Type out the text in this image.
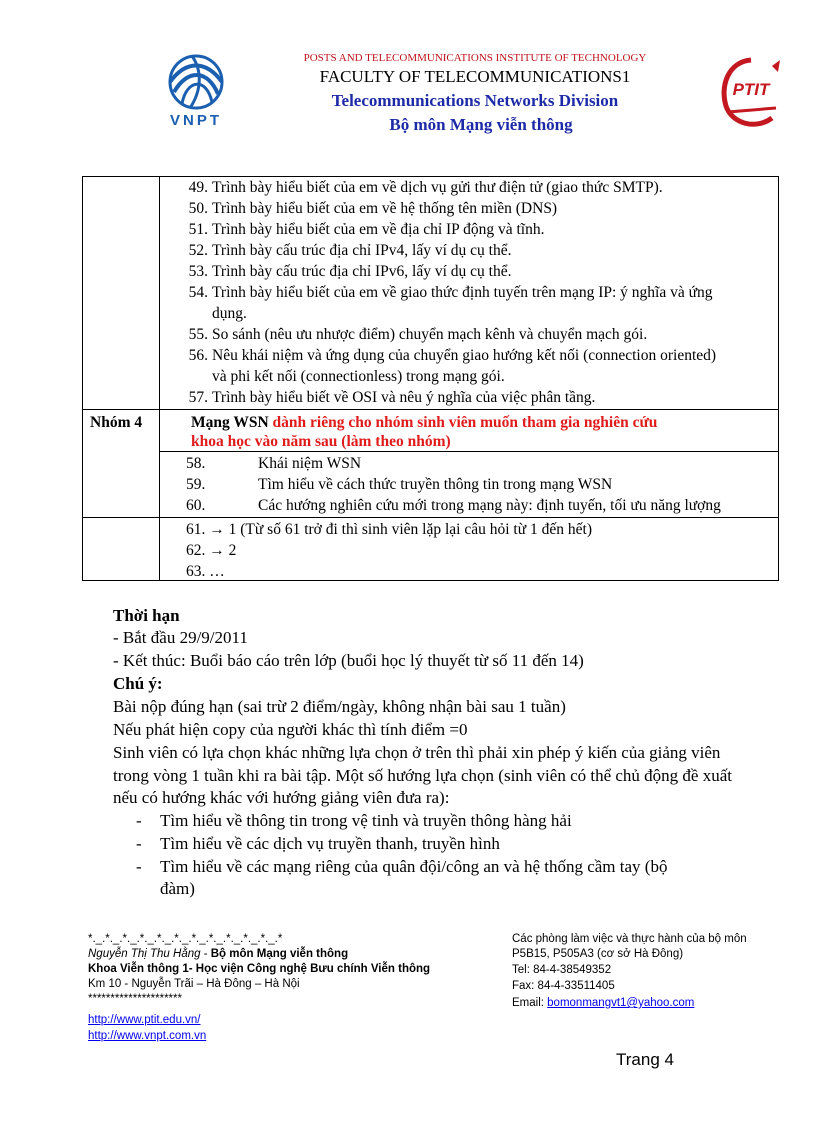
VNPT
POSTS AND TELECOMMUNICATIONS INSTITUTE OF TECHNOLOGY
FACULTY OF TELECOMMUNICATIONS1
Telecommunications Networks Division
Bộ môn Mạng viễn thông
PTIT
49. Trình bày hiểu biết của em về dịch vụ gửi thư điện tử (giao thức SMTP).
50. Trình bày hiểu biết của em về hệ thống tên miền (DNS)
51. Trình bày hiểu biết của em về địa chỉ IP động và tĩnh.
52. Trình bày cấu trúc địa chỉ IPv4, lấy ví dụ cụ thể.
53. Trình bày cấu trúc địa chỉ IPv6, lấy ví dụ cụ thể.
54. Trình bày hiểu biết của em về giao thức định tuyến trên mạng IP: ý nghĩa và ứng
dụng.
55. So sánh (nêu ưu nhược điểm) chuyển mạch kênh và chuyển mạch gói.
56. Nêu khái niệm và ứng dụng của chuyển giao hướng kết nối (connection oriented)
và phi kết nối (connectionless) trong mạng gói.
57. Trình bày hiểu biết về OSI và nêu ý nghĩa của việc phân tầng.
Nhóm 4	Mạng WSN dành riêng cho nhóm sinh viên muốn tham gia nghiên cứu
khoa học vào năm sau (làm theo nhóm)
58.	Khái niệm WSN
59.	Tìm hiểu về cách thức truyền thông tin trong mạng WSN
60.	Các hướng nghiên cứu mới trong mạng này: định tuyến, tối ưu năng lượng
61. → 1 (Từ số 61 trở đi thì sinh viên lặp lại câu hỏi từ 1 đến hết)
62. → 2
63. …
Thời hạn
- Bắt đầu 29/9/2011
- Kết thúc: Buổi báo cáo trên lớp (buổi học lý thuyết từ số 11 đến 14)
Chú ý:
Bài nộp đúng hạn (sai trừ 2 điểm/ngày, không nhận bài sau 1 tuần)
Nếu phát hiện copy của người khác thì tính điểm =0
Sinh viên có lựa chọn khác những lựa chọn ở trên thì phải xin phép ý kiến của giảng viên
trong vòng 1 tuần khi ra bài tập. Một số hướng lựa chọn (sinh viên có thể chủ động đề xuất
nếu có hướng khác với hướng giảng viên đưa ra):
- Tìm hiểu về thông tin trong vệ tinh và truyền thông hàng hải
- Tìm hiểu về các dịch vụ truyền thanh, truyền hình
- Tìm hiểu về các mạng riêng của quân đội/công an và hệ thống cầm tay (bộ
đàm)
*._.*._.*._.*._.*._.*._.*._.*._.*._.*._.*._.*
Nguyễn Thị Thu Hằng - Bộ môn Mạng viễn thông
Khoa Viễn thông 1- Học viện Công nghệ Bưu chính Viễn thông
Km 10 - Nguyễn Trãi – Hà Đông – Hà Nội
*********************
http://www.ptit.edu.vn/
http://www.vnpt.com.vn
Các phòng làm việc và thực hành của bộ môn
P5B15, P505A3 (cơ sở Hà Đông)
Tel: 84-4-38549352
Fax: 84-4-33511405
Email: bomonmangvt1@yahoo.com
Trang 4
